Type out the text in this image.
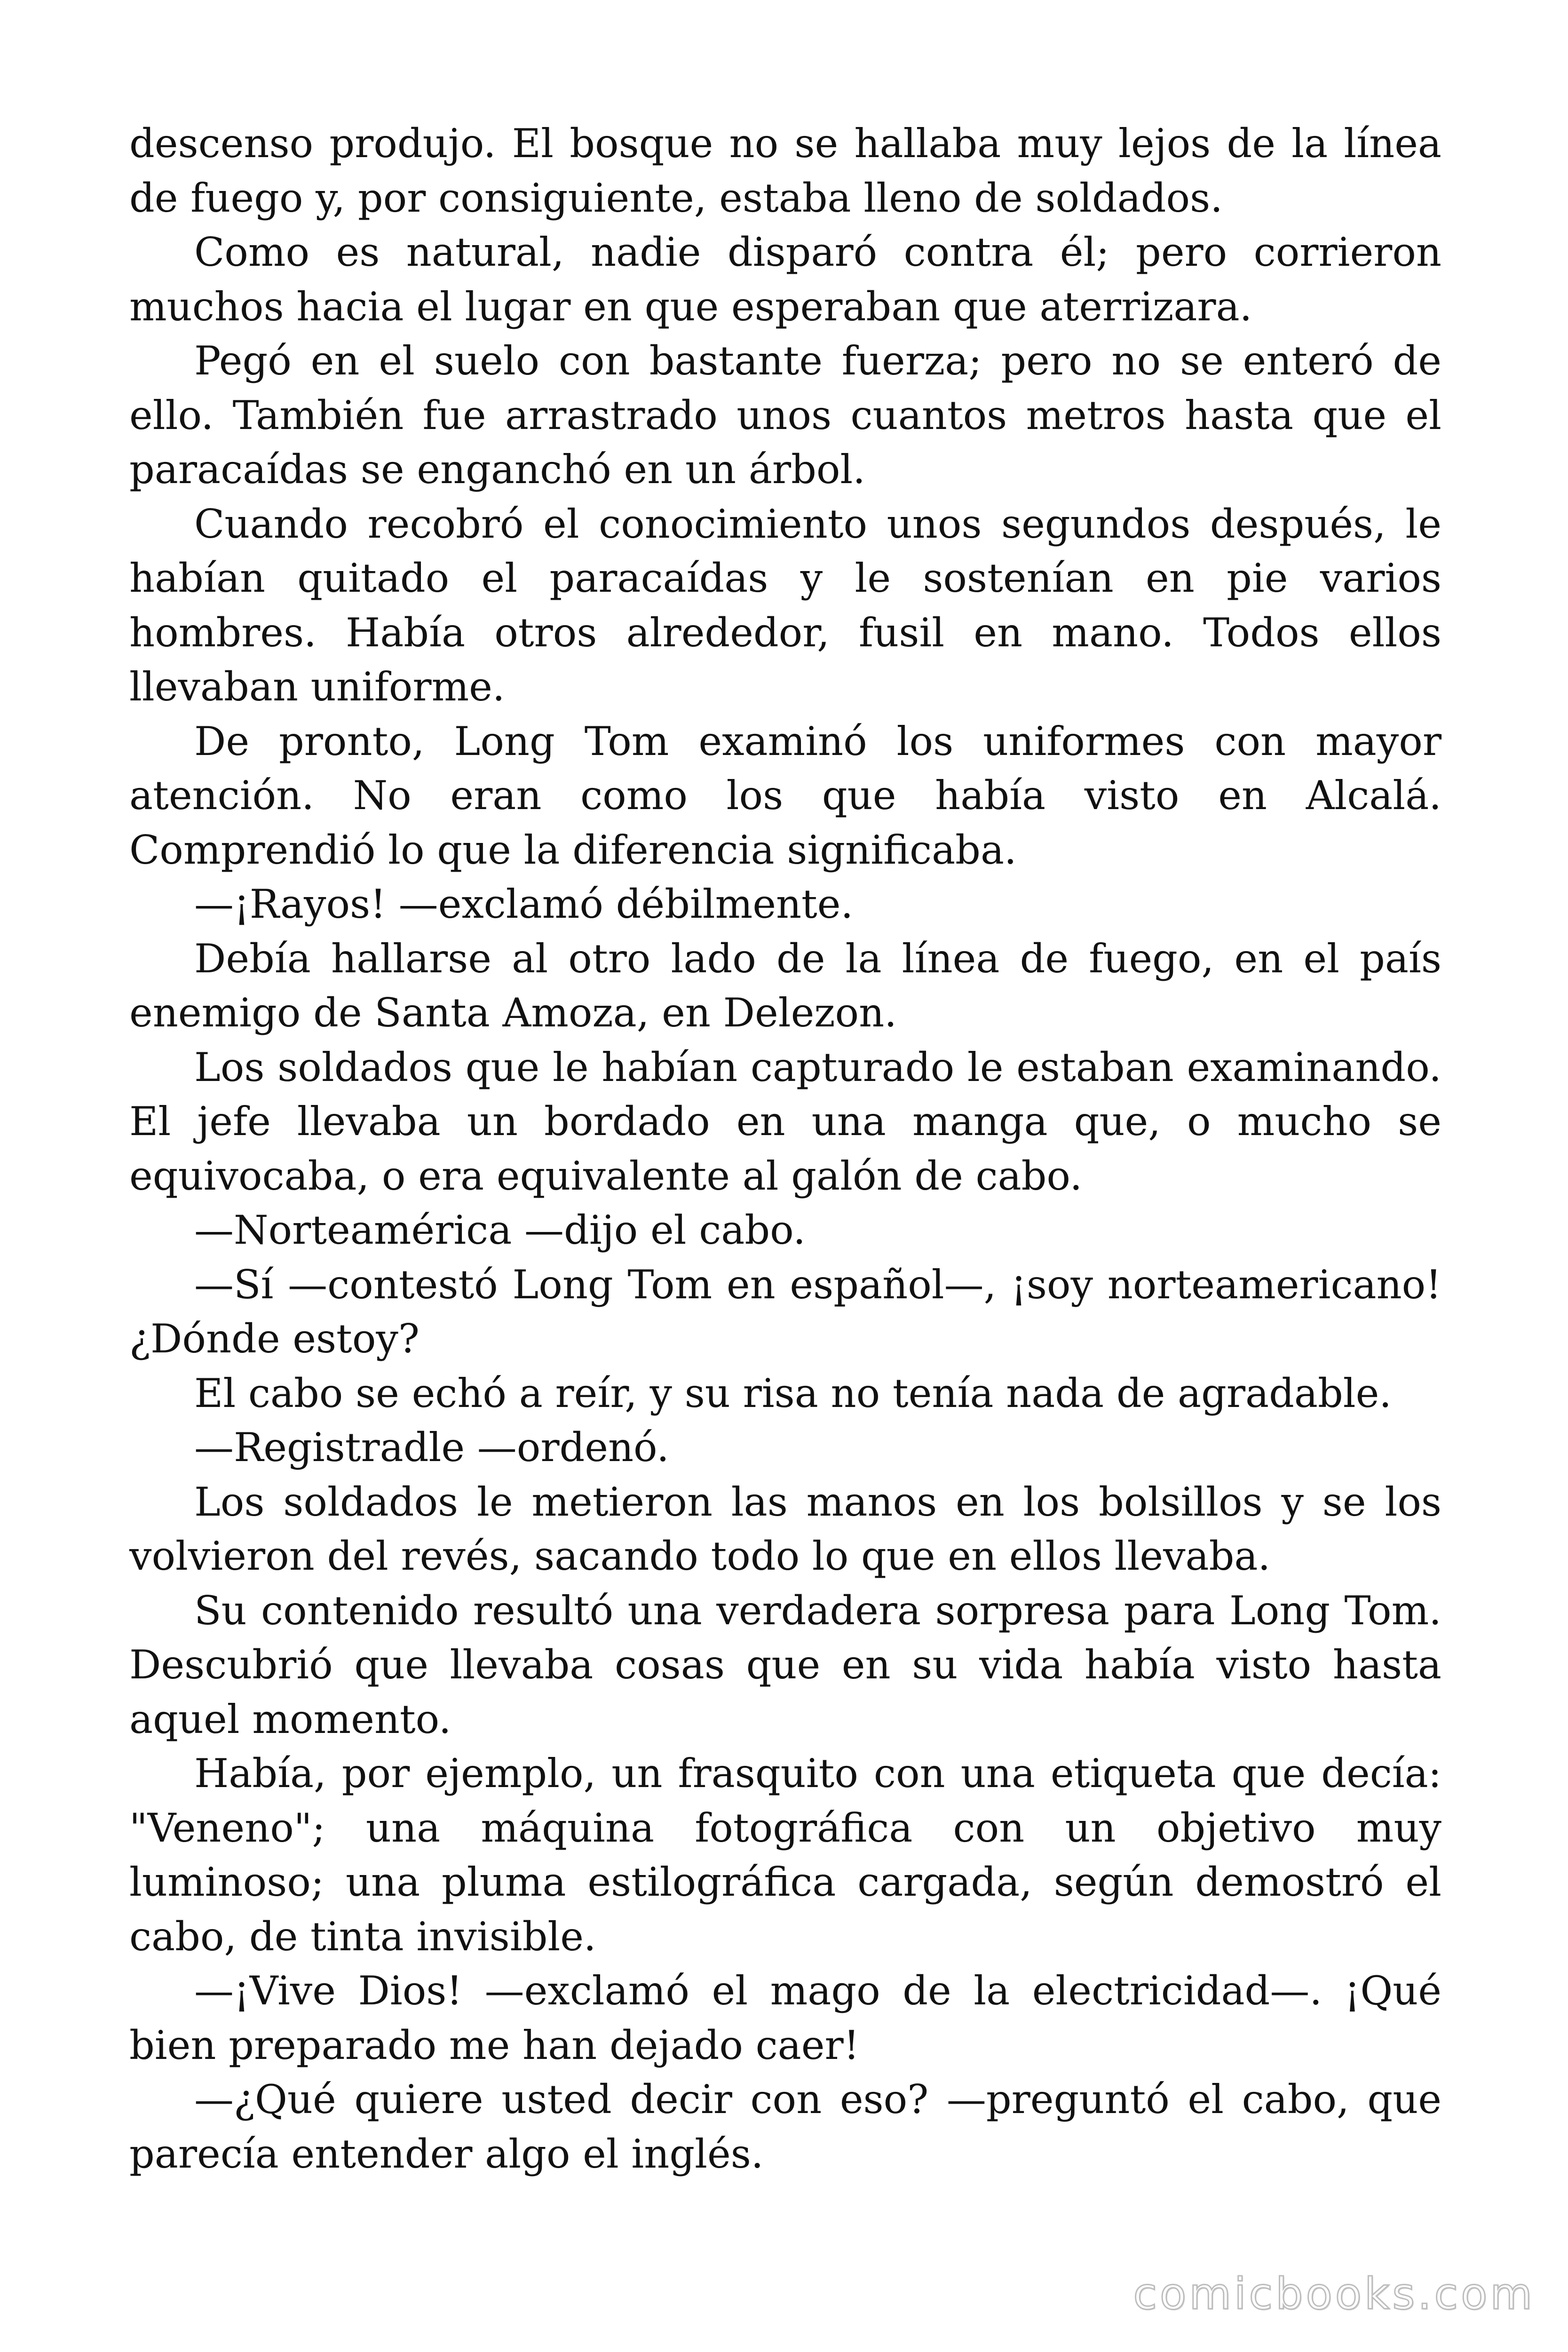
descenso produjo. El bosque no se hallaba muy lejos de la línea de fuego y, por consiguiente, estaba lleno de soldados.

Como es natural, nadie disparó contra él; pero corrieron muchos hacia el lugar en que esperaban que aterrizara.

Pegó en el suelo con bastante fuerza; pero no se enteró de ello. También fue arrastrado unos cuantos metros hasta que el paracaídas se enganchó en un árbol.

Cuando recobró el conocimiento unos segundos después, le habían quitado el paracaídas y le sostenían en pie varios hombres. Había otros alrededor, fusil en mano. Todos ellos llevaban uniforme.

De pronto, Long Tom examinó los uniformes con mayor atención. No eran como los que había visto en Alcalá. Comprendió lo que la diferencia significaba.

—¡Rayos! —exclamó débilmente.

Debía hallarse al otro lado de la línea de fuego, en el país enemigo de Santa Amoza, en Delezon.

Los soldados que le habían capturado le estaban examinando. El jefe llevaba un bordado en una manga que, o mucho se equivocaba, o era equivalente al galón de cabo.

—Norteamérica —dijo el cabo.

—Sí —contestó Long Tom en español—, ¡soy norteamericano! ¿Dónde estoy?

El cabo se echó a reír, y su risa no tenía nada de agradable.

—Registradle —ordenó.

Los soldados le metieron las manos en los bolsillos y se los volvieron del revés, sacando todo lo que en ellos llevaba.

Su contenido resultó una verdadera sorpresa para Long Tom. Descubrió que llevaba cosas que en su vida había visto hasta aquel momento.

Había, por ejemplo, un frasquito con una etiqueta que decía: "Veneno"; una máquina fotográfica con un objetivo muy luminoso; una pluma estilográfica cargada, según demostró el cabo, de tinta invisible.

—¡Vive Dios! —exclamó el mago de la electricidad—. ¡Qué bien preparado me han dejado caer!

—¿Qué quiere usted decir con eso? —preguntó el cabo, que parecía entender algo el inglés.

comicbooks.com
